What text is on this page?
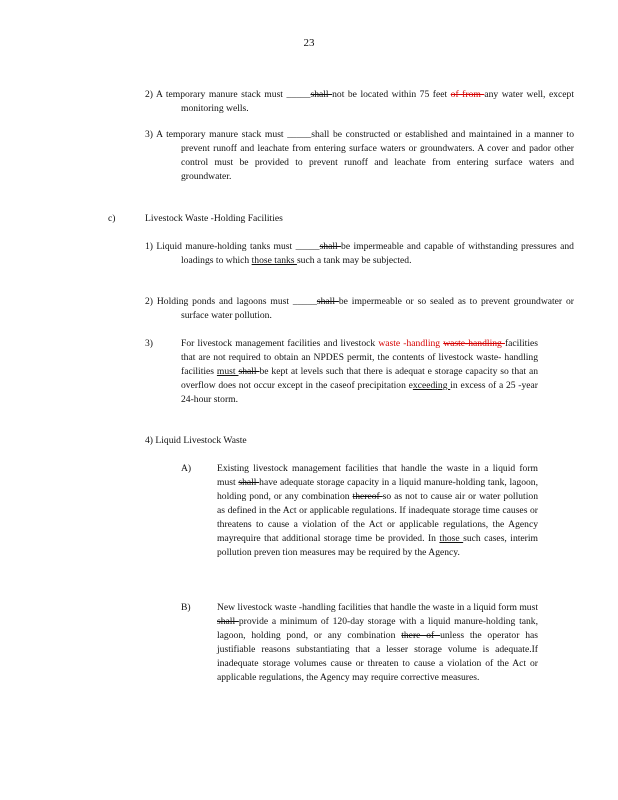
23
2) A temporary manure stack must _____shall not be located within 75 feet of from any water well, except monitoring wells.
3) A temporary manure stack must _____shall be constructed or established and maintained in a manner to prevent runoff and leachate from entering surface waters or groundwaters. A cover and pador other control must be provided to prevent runoff and leachate from entering surface waters and groundwater.
c)	Livestock Waste -Holding Facilities
1) Liquid manure-holding tanks must _____shall be impermeable and capable of withstanding pressures and loadings to which those tanks such a tank may be subjected.
2) Holding ponds and lagoons must _____shall be impermeable or so sealed as to prevent groundwater or surface water pollution.
3)	For livestock management facilities and livestock waste -handling waste-handling facilities that are not required to obtain an NPDES permit, the contents of livestock waste- handling facilities must shall be kept at levels such that there is adequat e storage capacity so that an overflow does not occur except in the caseof precipitation exceeding in excess of a 25 -year 24-hour storm.
4) Liquid Livestock Waste
A)	Existing livestock management facilities that handle the waste in a liquid form must shall have adequate storage capacity in a liquid manure-holding tank, lagoon, holding pond, or any combination thereof so as not to cause air or water pollution as defined in the Act or applicable regulations. If inadequate storage time causes or threatens to cause a violation of the Act or applicable regulations, the Agency mayrequire that additional storage time be provided. In those such cases, interim pollution preven tion measures may be required by the Agency.
B)	New livestock waste -handling facilities that handle the waste in a liquid form must shall provide a minimum of 120-day storage with a liquid manure-holding tank, lagoon, holding pond, or any combination there of unless the operator has justifiable reasons substantiating that a lesser storage volume is adequate.If inadequate storage volumes cause or threaten to cause a violation of the Act or applicable regulations, the Agency may require corrective measures.
